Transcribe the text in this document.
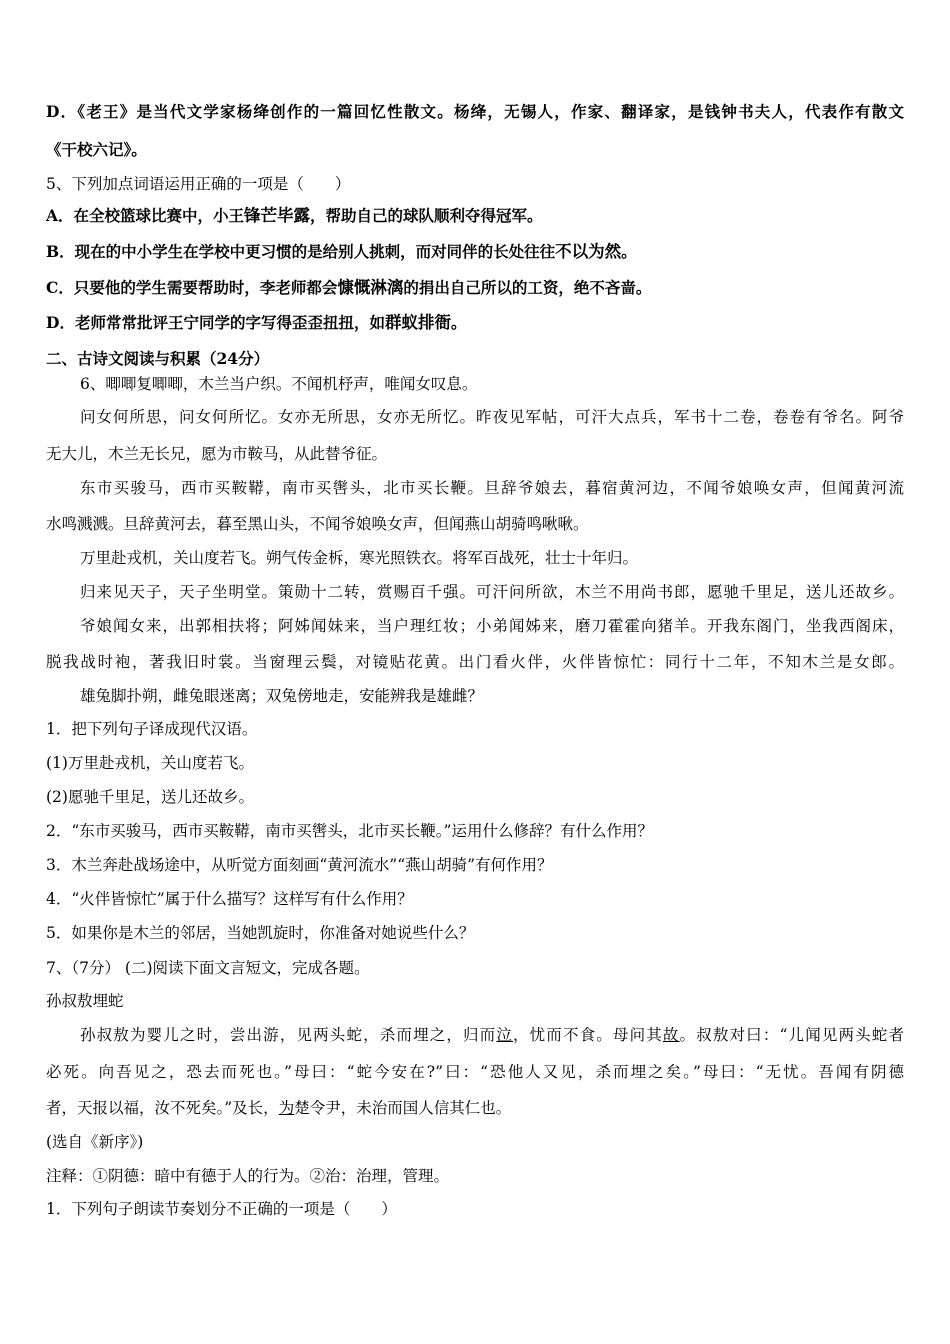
D．《老王》是当代文学家杨绛创作的一篇回忆性散文。杨绛，无锡人，作家、翻译家，是钱钟书夫人，代表作有散文
《干校六记》。
5、下列加点词语运用正确的一项是（　　）
A．在全校篮球比赛中，小王锋芒毕露，帮助自己的球队顺利夺得冠军。
B．现在的中小学生在学校中更习惯的是给别人挑刺，而对同伴的长处往往不以为然。
C．只要他的学生需要帮助时，李老师都会慷慨淋漓的捐出自己所以的工资，绝不吝啬。
D．老师常常批评王宁同学的字写得歪歪扭扭，如群蚁排衙。
二、古诗文阅读与积累（24分）
6、唧唧复唧唧，木兰当户织。不闻机杼声，唯闻女叹息。
问女何所思，问女何所忆。女亦无所思，女亦无所忆。昨夜见军帖，可汗大点兵，军书十二卷，卷卷有爷名。阿爷
无大儿，木兰无长兄，愿为市鞍马，从此替爷征。
东市买骏马，西市买鞍鞯，南市买辔头，北市买长鞭。旦辞爷娘去，暮宿黄河边，不闻爷娘唤女声，但闻黄河流
水鸣溅溅。旦辞黄河去，暮至黑山头，不闻爷娘唤女声，但闻燕山胡骑鸣啾啾。
万里赴戎机，关山度若飞。朔气传金柝，寒光照铁衣。将军百战死，壮士十年归。
归来见天子，天子坐明堂。策勋十二转，赏赐百千强。可汗问所欲，木兰不用尚书郎，愿驰千里足，送儿还故乡。
爷娘闻女来，出郭相扶将；阿姊闻妹来，当户理红妆；小弟闻姊来，磨刀霍霍向猪羊。开我东阁门，坐我西阁床，
脱我战时袍，著我旧时裳。当窗理云鬓，对镜贴花黄。出门看火伴，火伴皆惊忙：同行十二年，不知木兰是女郎。
雄兔脚扑朔，雌兔眼迷离；双兔傍地走，安能辨我是雄雌？
1．把下列句子译成现代汉语。
(1)万里赴戎机，关山度若飞。
(2)愿驰千里足，送儿还故乡。
2．“东市买骏马，西市买鞍鞯，南市买辔头，北市买长鞭。”运用什么修辞？有什么作用？
3．木兰奔赴战场途中，从听觉方面刻画“黄河流水”“燕山胡骑”有何作用？
4．“火伴皆惊忙”属于什么描写？这样写有什么作用？
5．如果你是木兰的邻居，当她凯旋时，你准备对她说些什么？
7、（7分） (二)阅读下面文言短文，完成各题。
孙叔敖埋蛇
孙叔敖为婴儿之时，尝出游，见两头蛇，杀而埋之，归而泣，忧而不食。母问其故。叔敖对曰：“儿闻见两头蛇者
必死。向吾见之，恐去而死也。”母曰：“蛇今安在?”曰：“恐他人又见，杀而埋之矣。”母曰：“无忧。吾闻有阴德
者，天报以福，汝不死矣。”及长，为楚令尹，未治而国人信其仁也。
(选自《新序》)
注释：①阴德：暗中有德于人的行为。②治：治理，管理。
1．下列句子朗读节奏划分不正确的一项是（　　）
